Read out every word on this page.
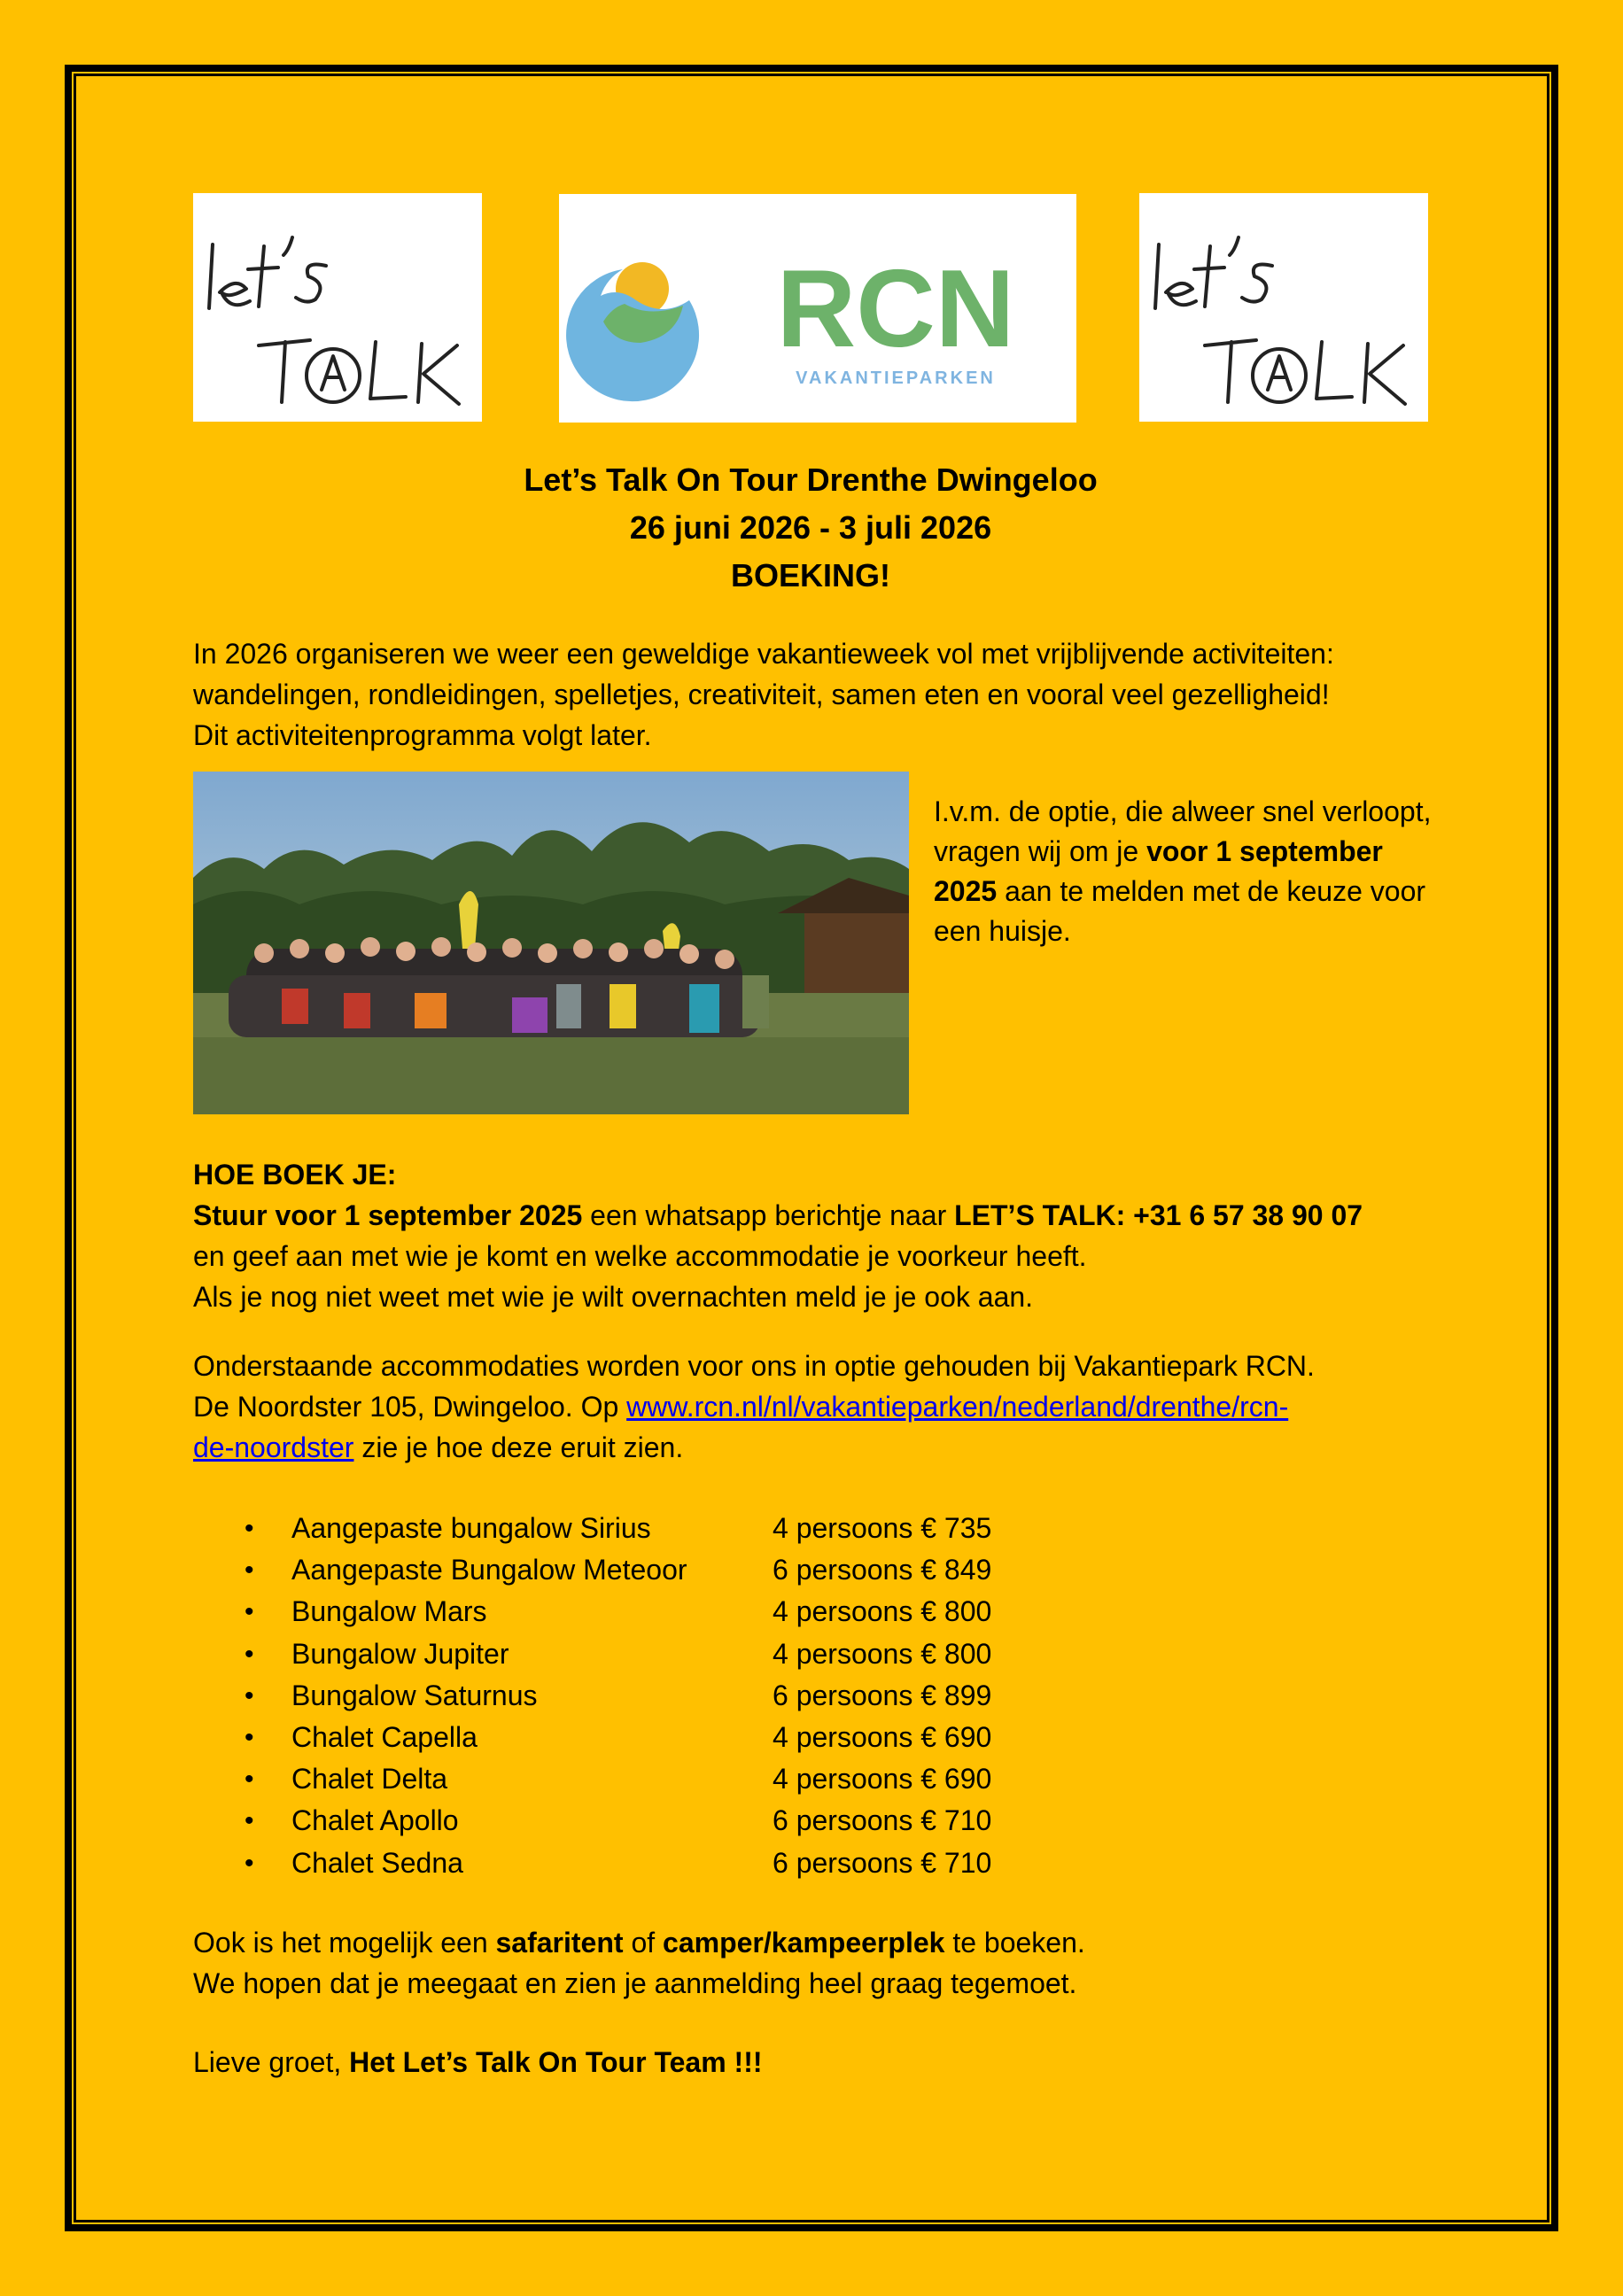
RCN
VAKANTIEPARKEN
Let’s Talk On Tour Drenthe Dwingeloo
26 juni 2026 - 3 juli 2026
BOEKING!
In 2026 organiseren we weer een geweldige vakantieweek vol met vrijblijvende activiteiten:
wandelingen, rondleidingen, spelletjes, creativiteit, samen eten en vooral veel gezelligheid!
Dit activiteitenprogramma volgt later.
I.v.m. de optie, die alweer snel verloopt, vragen wij om je voor 1 september 2025 aan te melden met de keuze voor een huisje.
HOE BOEK JE:
Stuur voor 1 september 2025 een whatsapp berichtje naar LET’S TALK: +31 6 57 38 90 07
en geef aan met wie je komt en welke accommodatie je voorkeur heeft.
Als je nog niet weet met wie je wilt overnachten meld je je ook aan.
Onderstaande accommodaties worden voor ons in optie gehouden bij Vakantiepark RCN.
De Noordster 105, Dwingeloo. Op www.rcn.nl/nl/vakantieparken/nederland/drenthe/rcn-
de-noordster zie je hoe deze eruit zien.
•	Aangepaste bungalow Sirius	4 persoons € 735
•	Aangepaste Bungalow Meteoor	6 persoons € 849
•	Bungalow Mars	4 persoons € 800
•	Bungalow Jupiter	4 persoons € 800
•	Bungalow Saturnus	6 persoons € 899
•	Chalet Capella	4 persoons € 690
•	Chalet Delta	4 persoons € 690
•	Chalet Apollo	6 persoons € 710
•	Chalet Sedna	6 persoons € 710
Ook is het mogelijk een safaritent of camper/kampeerplek te boeken.
We hopen dat je meegaat en zien je aanmelding heel graag tegemoet.
Lieve groet, Het Let’s Talk On Tour Team !!!
